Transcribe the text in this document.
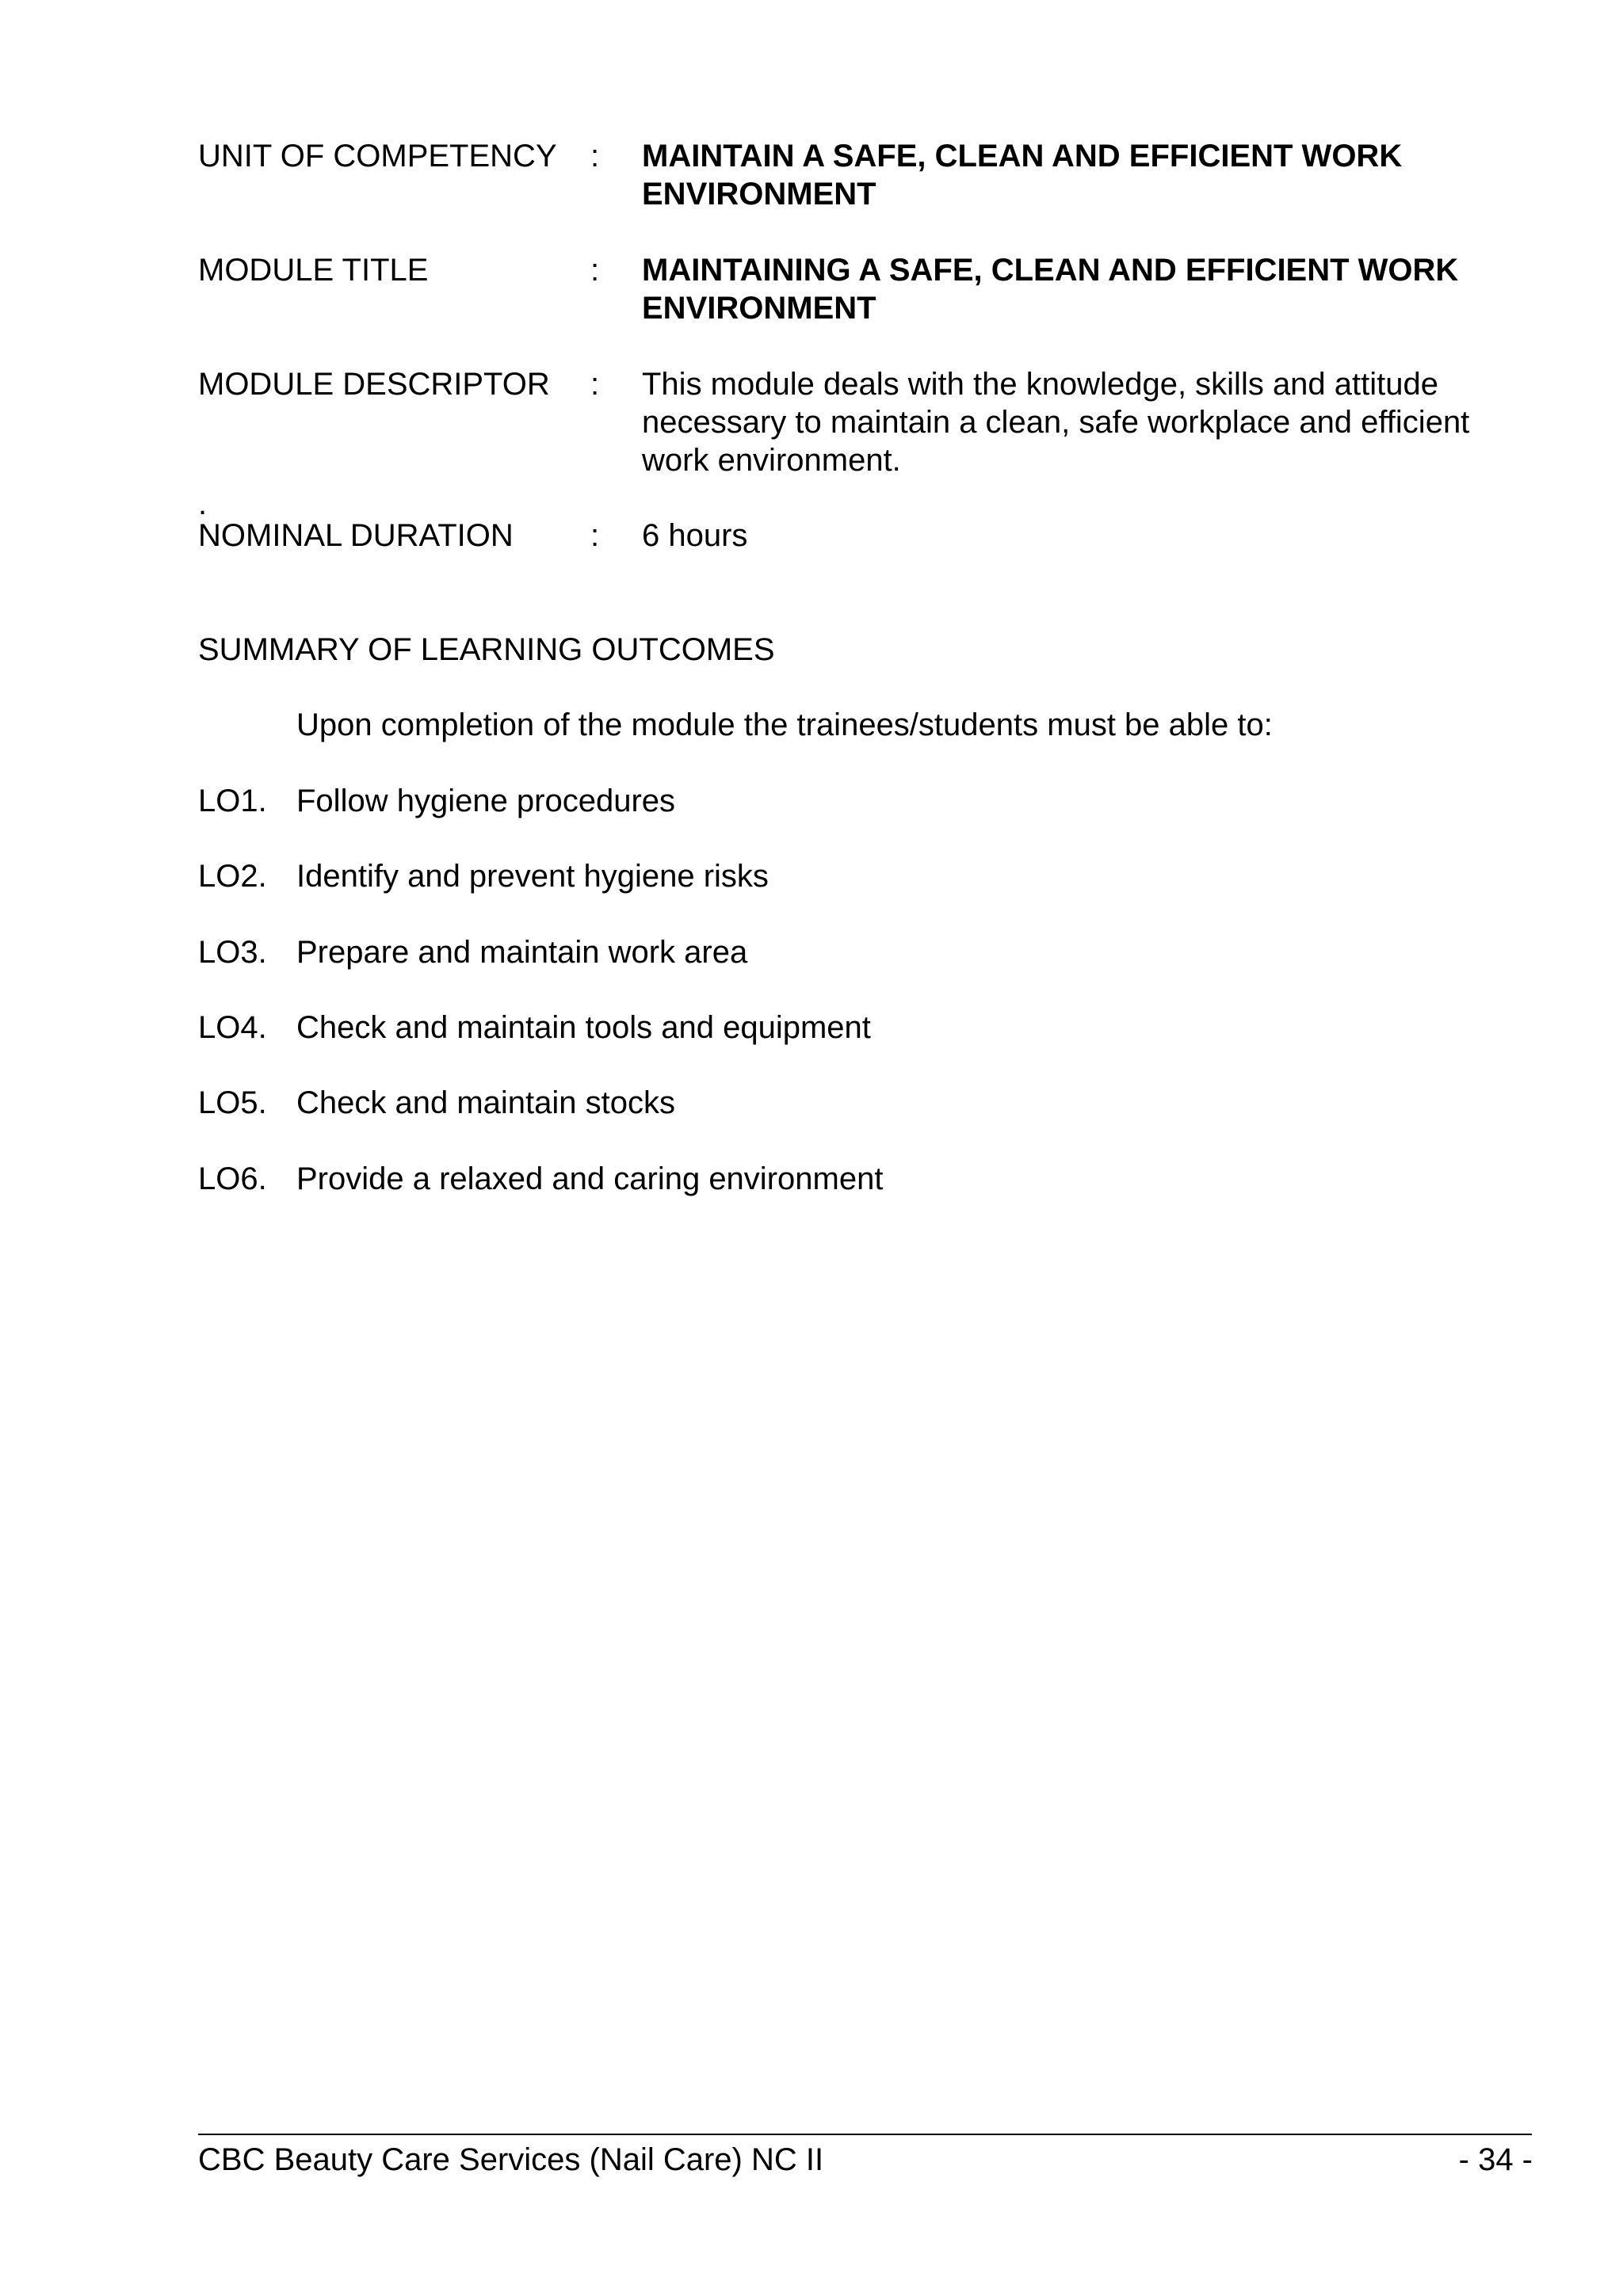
UNIT OF COMPETENCY : MAINTAIN A SAFE, CLEAN AND EFFICIENT WORK ENVIRONMENT
MODULE TITLE	: MAINTAINING A SAFE, CLEAN AND EFFICIENT WORK ENVIRONMENT
MODULE DESCRIPTOR : This module deals with the knowledge, skills and attitude necessary to maintain a clean, safe workplace and efficient work environment.
.
NOMINAL DURATION : 6 hours
SUMMARY OF LEARNING OUTCOMES
Upon completion of the module the trainees/students must be able to:
LO1. Follow hygiene procedures
LO2. Identify and prevent hygiene risks
LO3. Prepare and maintain work area
LO4. Check and maintain tools and equipment
LO5. Check and maintain stocks
LO6. Provide a relaxed and caring environment
CBC Beauty Care Services (Nail Care) NC II	- 34 -
